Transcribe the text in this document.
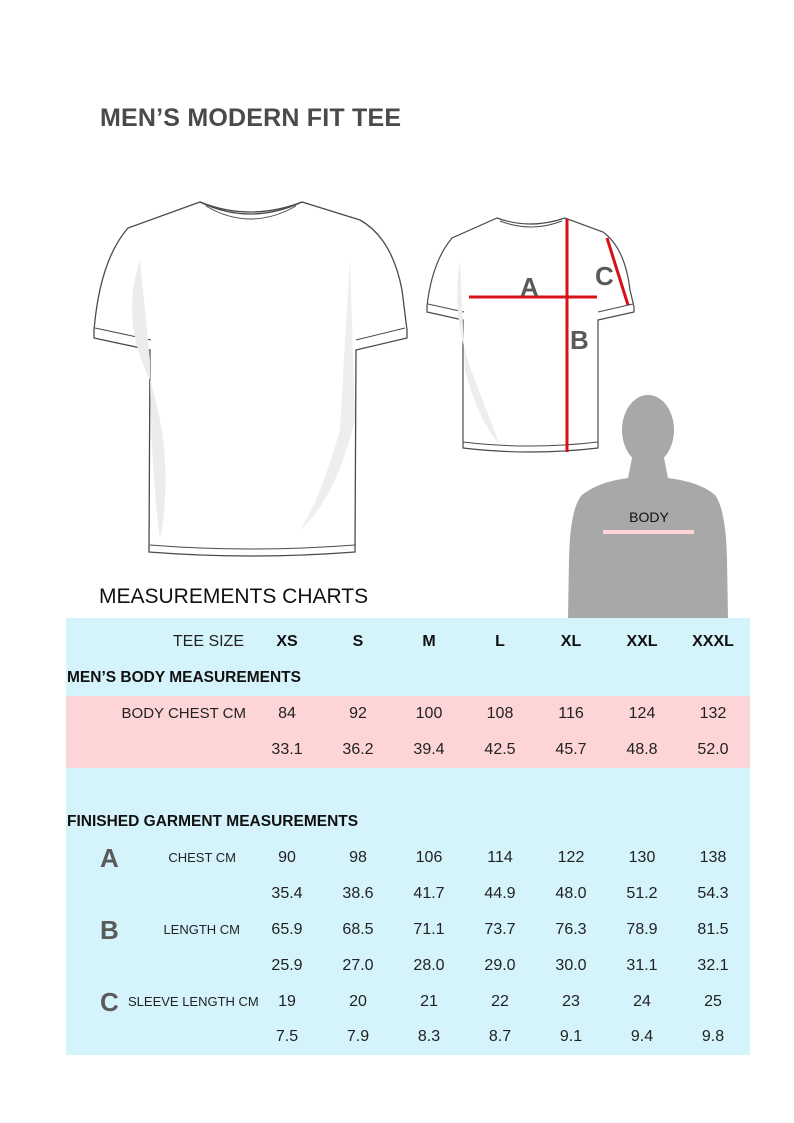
MEN’S MODERN FIT TEE
A
B
C
BODY
MEASUREMENTS CHARTS
TEE SIZE	XS	S	M	L	XL	XXL	XXXL
MEN’S BODY MEASUREMENTS
BODY CHEST CM	84	92	100	108	116	124	132
33.1	36.2	39.4	42.5	45.7	48.8	52.0
FINISHED GARMENT MEASUREMENTS
A	CHEST CM	90	98	106	114	122	130	138
35.4	38.6	41.7	44.9	48.0	51.2	54.3
B	LENGTH CM	65.9	68.5	71.1	73.7	76.3	78.9	81.5
25.9	27.0	28.0	29.0	30.0	31.1	32.1
C SLEEVE LENGTH CM	19	20	21	22	23	24	25
7.5	7.9	8.3	8.7	9.1	9.4	9.8
